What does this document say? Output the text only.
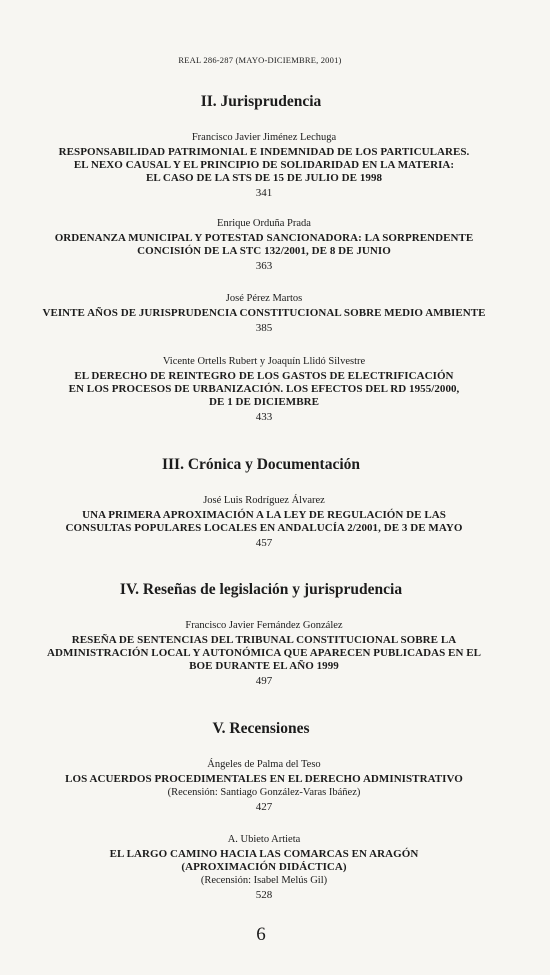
REAL 286-287 (MAYO-DICIEMBRE, 2001)
II. Jurisprudencia
Francisco Javier Jiménez Lechuga
RESPONSABILIDAD PATRIMONIAL E INDEMNIDAD DE LOS PARTICULARES.
EL NEXO CAUSAL Y EL PRINCIPIO DE SOLIDARIDAD EN LA MATERIA:
EL CASO DE LA STS DE 15 DE JULIO DE 1998
341
Enrique Orduña Prada
ORDENANZA MUNICIPAL Y POTESTAD SANCIONADORA: LA SORPRENDENTE
CONCISIÓN DE LA STC 132/2001, DE 8 DE JUNIO
363
José Pérez Martos
VEINTE AÑOS DE JURISPRUDENCIA CONSTITUCIONAL SOBRE MEDIO AMBIENTE
385
Vicente Ortells Rubert y Joaquín Llidó Silvestre
EL DERECHO DE REINTEGRO DE LOS GASTOS DE ELECTRIFICACIÓN
EN LOS PROCESOS DE URBANIZACIÓN. LOS EFECTOS DEL RD 1955/2000,
DE 1 DE DICIEMBRE
433
III. Crónica y Documentación
José Luis Rodríguez Álvarez
UNA PRIMERA APROXIMACIÓN A LA LEY DE REGULACIÓN DE LAS
CONSULTAS POPULARES LOCALES EN ANDALUCÍA 2/2001, DE 3 DE MAYO
457
IV. Reseñas de legislación y jurisprudencia
Francisco Javier Fernández González
RESEÑA DE SENTENCIAS DEL TRIBUNAL CONSTITUCIONAL SOBRE LA
ADMINISTRACIÓN LOCAL Y AUTONÓMICA QUE APARECEN PUBLICADAS EN EL
BOE DURANTE EL AÑO 1999
497
V. Recensiones
Ángeles de Palma del Teso
LOS ACUERDOS PROCEDIMENTALES EN EL DERECHO ADMINISTRATIVO
(Recensión: Santiago González-Varas Ibáñez)
427
A. Ubieto Artieta
EL LARGO CAMINO HACIA LAS COMARCAS EN ARAGÓN
(APROXIMACIÓN DIDÁCTICA)
(Recensión: Isabel Melús Gil)
528
6
